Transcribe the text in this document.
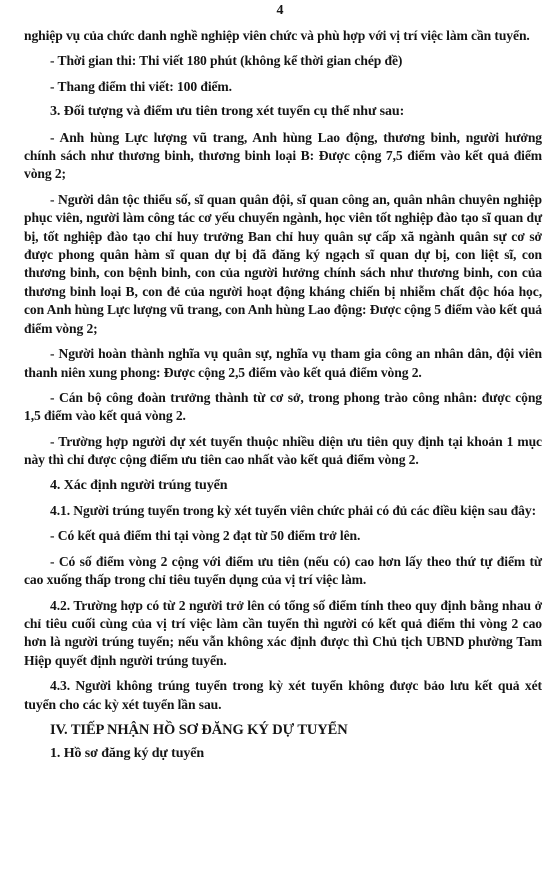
4

nghiệp vụ của chức danh nghề nghiệp viên chức và phù hợp với vị trí việc làm cần tuyển.

- Thời gian thi: Thi viết 180 phút (không kể thời gian chép đề)

- Thang điểm thi viết: 100 điểm.

3. Đối tượng và điểm ưu tiên trong xét tuyển cụ thể như sau:

- Anh hùng Lực lượng vũ trang, Anh hùng Lao động, thương binh, người hưởng chính sách như thương binh, thương binh loại B: Được cộng 7,5 điểm vào kết quả điểm vòng 2;

- Người dân tộc thiểu số, sĩ quan quân đội, sĩ quan công an, quân nhân chuyên nghiệp phục viên, người làm công tác cơ yếu chuyển ngành, học viên tốt nghiệp đào tạo sĩ quan dự bị, tốt nghiệp đào tạo chỉ huy trưởng Ban chỉ huy quân sự cấp xã ngành quân sự cơ sở được phong quân hàm sĩ quan dự bị đã đăng ký ngạch sĩ quan dự bị, con liệt sĩ, con thương binh, con bệnh binh, con của người hưởng chính sách như thương binh, con của thương binh loại B, con đẻ của người hoạt động kháng chiến bị nhiễm chất độc hóa học, con Anh hùng Lực lượng vũ trang, con Anh hùng Lao động: Được cộng 5 điểm vào kết quả điểm vòng 2;

- Người hoàn thành nghĩa vụ quân sự, nghĩa vụ tham gia công an nhân dân, đội viên thanh niên xung phong: Được cộng 2,5 điểm vào kết quả điểm vòng 2.

- Cán bộ công đoàn trưởng thành từ cơ sở, trong phong trào công nhân: được cộng 1,5 điểm vào kết quả vòng 2.

- Trường hợp người dự xét tuyển thuộc nhiều diện ưu tiên quy định tại khoản 1 mục này thì chỉ được cộng điểm ưu tiên cao nhất vào kết quả điểm vòng 2.

4. Xác định người trúng tuyển

4.1. Người trúng tuyển trong kỳ xét tuyển viên chức phải có đủ các điều kiện sau đây:

- Có kết quả điểm thi tại vòng 2 đạt từ 50 điểm trở lên.

- Có số điểm vòng 2 cộng với điểm ưu tiên (nếu có) cao hơn lấy theo thứ tự điểm từ cao xuống thấp trong chỉ tiêu tuyển dụng của vị trí việc làm.

4.2. Trường hợp có từ 2 người trở lên có tổng số điểm tính theo quy định bằng nhau ở chỉ tiêu cuối cùng của vị trí việc làm cần tuyển thì người có kết quả điểm thi vòng 2 cao hơn là người trúng tuyển; nếu vẫn không xác định được thì Chủ tịch UBND phường Tam Hiệp quyết định người trúng tuyển.

4.3. Người không trúng tuyển trong kỳ xét tuyển không được bảo lưu kết quả xét tuyển cho các kỳ xét tuyển lần sau.

IV. TIẾP NHẬN HỒ SƠ ĐĂNG KÝ DỰ TUYỂN
1. Hồ sơ đăng ký dự tuyển
